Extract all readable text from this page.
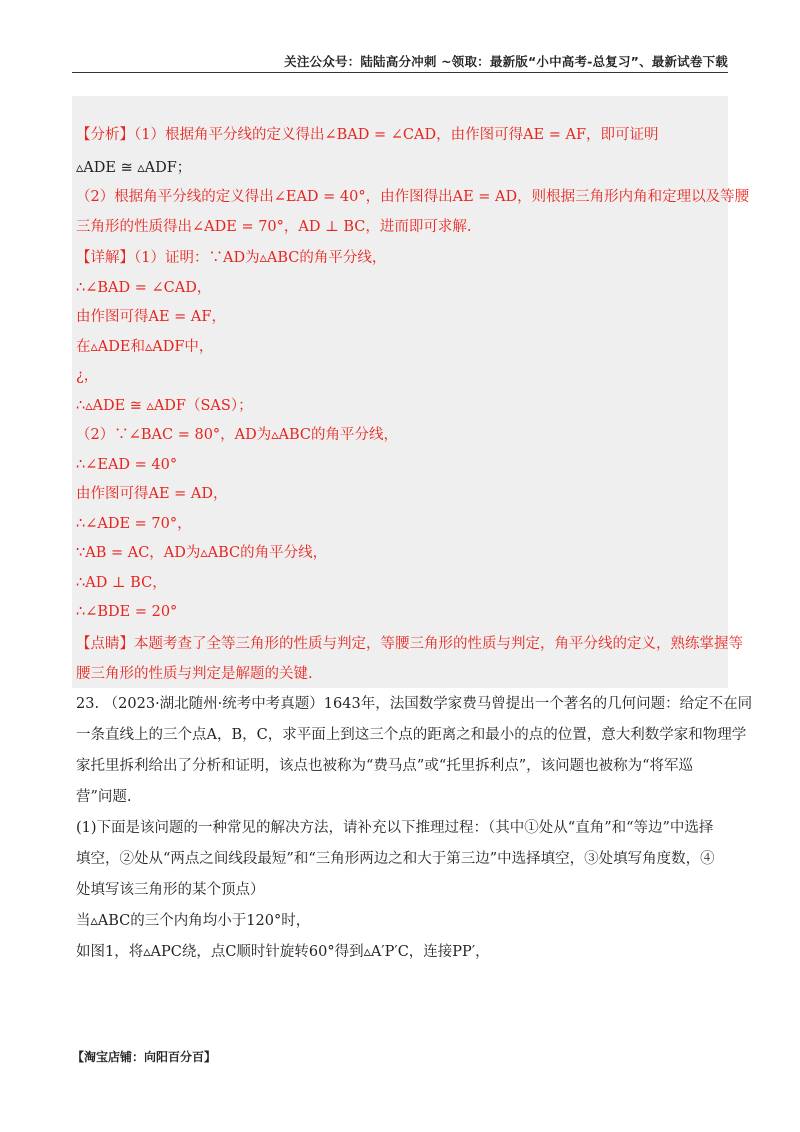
关注公众号：陆陆高分冲刺 ~领取：最新版“小中高考-总复习”、最新试卷下载
【分析】（1）根据角平分线的定义得出∠BAD = ∠CAD，由作图可得AE = AF，即可证明
▵ADE ≅ ▵ADF；
（2）根据角平分线的定义得出∠EAD = 40°，由作图得出AE = AD，则根据三角形内角和定理以及等腰
三角形的性质得出∠ADE = 70°，AD ⊥ BC，进而即可求解.
【详解】（1）证明：∵AD为▵ABC的角平分线，
∴∠BAD = ∠CAD，
由作图可得AE = AF，
在▵ADE和▵ADF中，
¿，
∴▵ADE ≅ ▵ADF（SAS）；
（2）∵∠BAC = 80°，AD为▵ABC的角平分线，
∴∠EAD = 40°
由作图可得AE = AD，
∴∠ADE = 70°，
∵AB = AC，AD为▵ABC的角平分线，
∴AD ⊥ BC，
∴∠BDE = 20°
【点睛】本题考查了全等三角形的性质与判定，等腰三角形的性质与判定，角平分线的定义，熟练掌握等
腰三角形的性质与判定是解题的关键.
23. （2023·湖北随州·统考中考真题）1643年，法国数学家费马曾提出一个著名的几何问题：给定不在同
一条直线上的三个点A，B，C，求平面上到这三个点的距离之和最小的点的位置，意大利数学家和物理学
家托里拆利给出了分析和证明，该点也被称为“费马点”或“托里拆利点”，该问题也被称为“将军巡
营”问题.
(1)下面是该问题的一种常见的解决方法，请补充以下推理过程：（其中①处从“直角”和“等边”中选择
填空，②处从“两点之间线段最短”和“三角形两边之和大于第三边”中选择填空，③处填写角度数，④
处填写该三角形的某个顶点）
当▵ABC的三个内角均小于120°时，
如图1，将▵APC绕，点C顺时针旋转60°得到▵A′P′C，连接PP′，
【淘宝店铺：向阳百分百】
